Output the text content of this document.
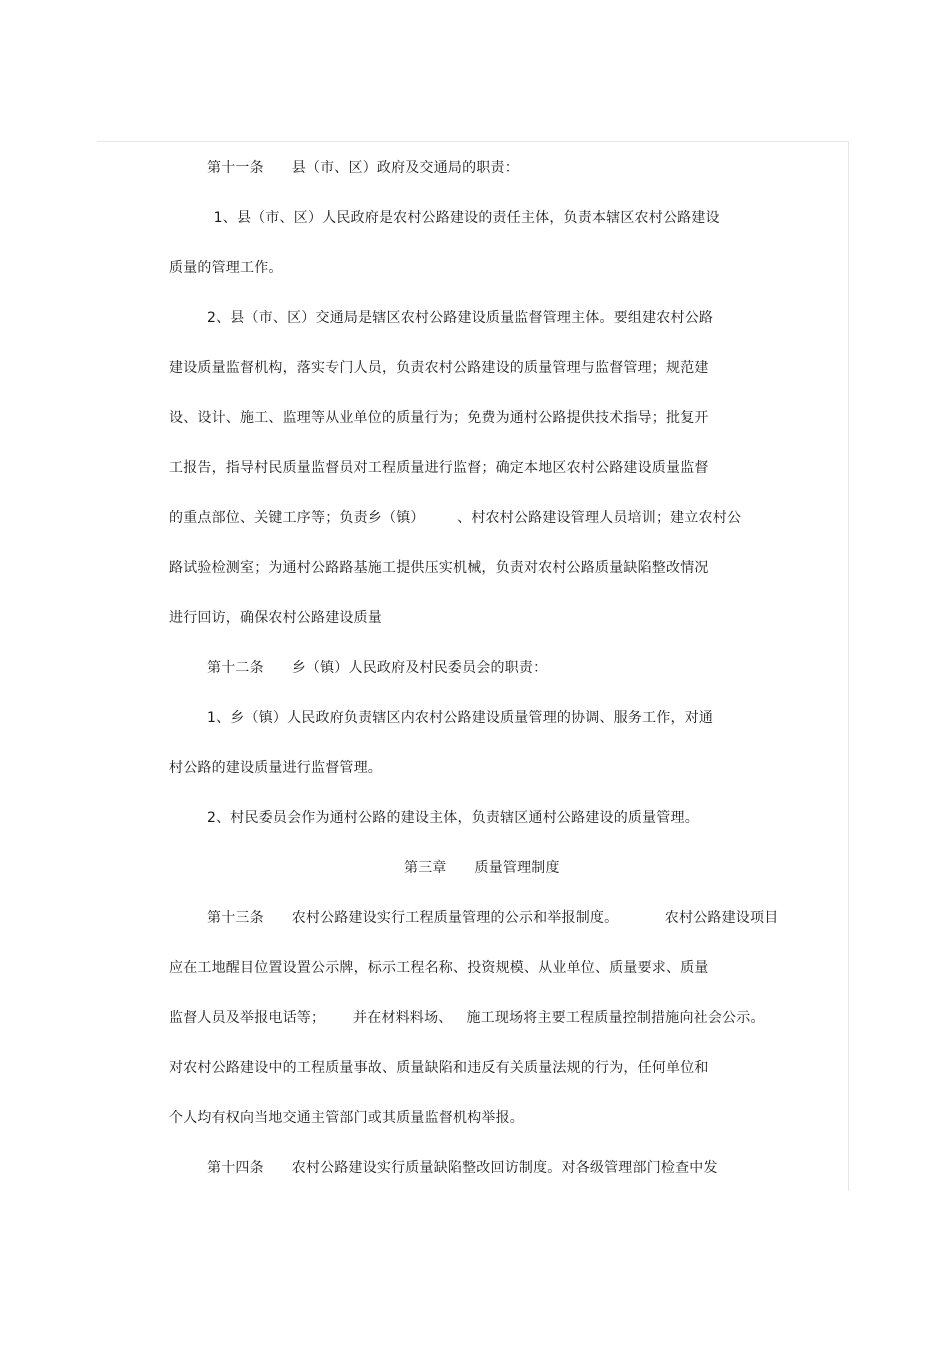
第十一条      县（市、区）政府及交通局的职责：
1、县（市、区）人民政府是农村公路建设的责任主体，负责本辖区农村公路建设
质量的管理工作。
2、县（市、区）交通局是辖区农村公路建设质量监督管理主体。要组建农村公路
建设质量监督机构，落实专门人员，负责农村公路建设的质量管理与监督管理；规范建
设、设计、施工、监理等从业单位的质量行为；免费为通村公路提供技术指导；批复开
工报告，指导村民质量监督员对工程质量进行监督；确定本地区农村公路建设质量监督
的重点部位、关键工序等；负责乡（镇）       、村农村公路建设管理人员培训；建立农村公
路试验检测室；为通村公路路基施工提供压实机械，负责对农村公路质量缺陷整改情况
进行回访，确保农村公路建设质量
第十二条      乡（镇）人民政府及村民委员会的职责：
1、乡（镇）人民政府负责辖区内农村公路建设质量管理的协调、服务工作，对通
村公路的建设质量进行监督管理。
2、村民委员会作为通村公路的建设主体，负责辖区通村公路建设的质量管理。
第三章      质量管理制度
第十三条      农村公路建设实行工程质量管理的公示和举报制度。          农村公路建设项目
应在工地醒目位置设置公示牌，标示工程名称、投资规模、从业单位、质量要求、质量
监督人员及举报电话等；      并在材料料场、   施工现场将主要工程质量控制措施向社会公示。
对农村公路建设中的工程质量事故、质量缺陷和违反有关质量法规的行为，任何单位和
个人均有权向当地交通主管部门或其质量监督机构举报。
第十四条      农村公路建设实行质量缺陷整改回访制度。对各级管理部门检查中发
